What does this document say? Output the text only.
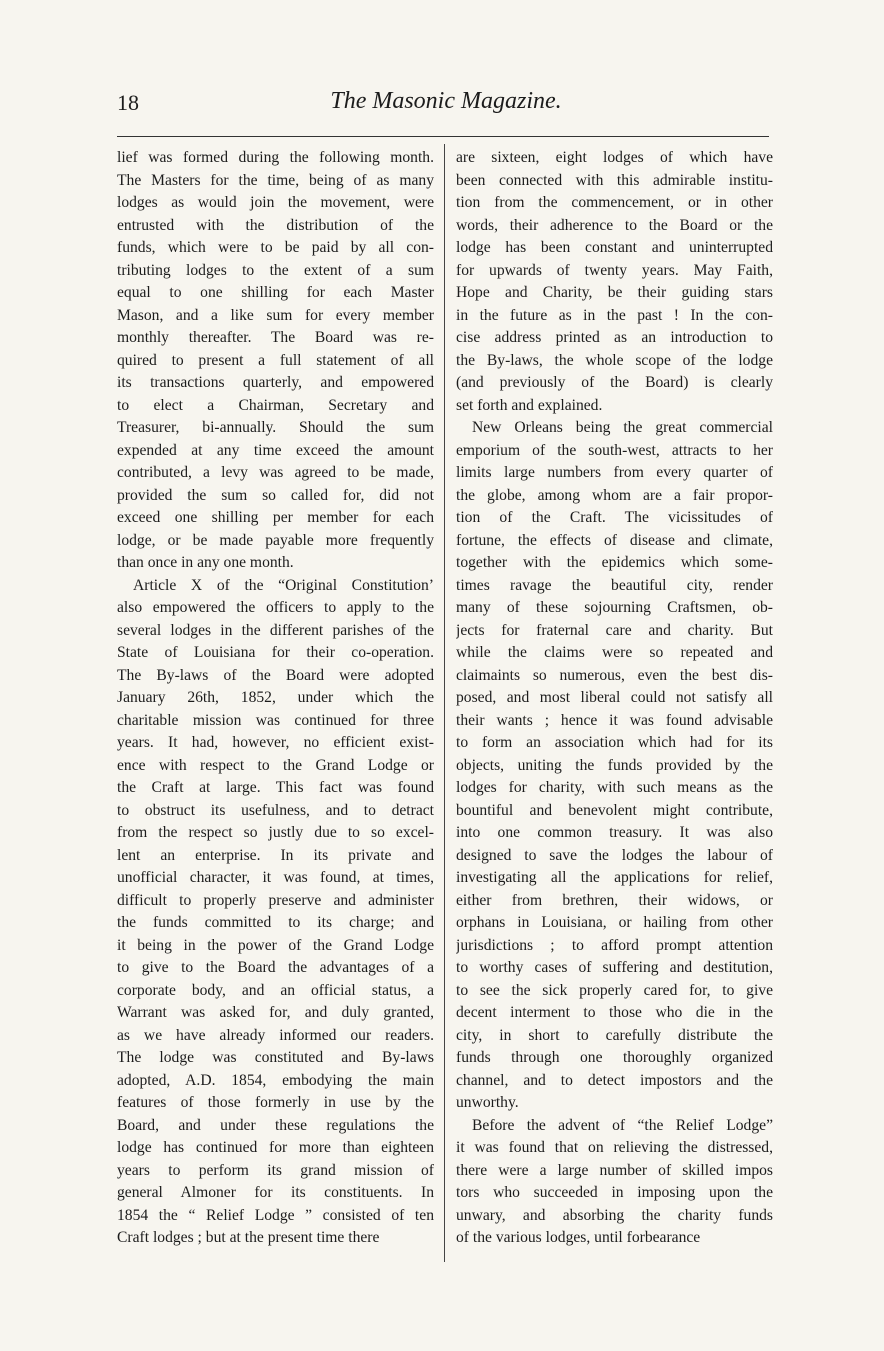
18	The Masonic Magazine.
lief was formed during the following month.
The Masters for the time, being of as many
lodges as would join the movement, were
entrusted with the distribution of the
funds, which were to be paid by all con-
tributing lodges to the extent of a sum
equal to one shilling for each Master
Mason, and a like sum for every member
monthly thereafter. The Board was re-
quired to present a full statement of all
its transactions quarterly, and empowered
to elect a Chairman, Secretary and
Treasurer, bi-annually. Should the sum
expended at any time exceed the amount
contributed, a levy was agreed to be made,
provided the sum so called for, did not
exceed one shilling per member for each
lodge, or be made payable more frequently
than once in any one month.
Article X of the “Original Constitution’
also empowered the officers to apply to the
several lodges in the different parishes of the
State of Louisiana for their co-operation.
The By-laws of the Board were adopted
January 26th, 1852, under which the
charitable mission was continued for three
years. It had, however, no efficient exist-
ence with respect to the Grand Lodge or
the Craft at large. This fact was found
to obstruct its usefulness, and to detract
from the respect so justly due to so excel-
lent an enterprise. In its private and
unofficial character, it was found, at times,
difficult to properly preserve and administer
the funds committed to its charge; and
it being in the power of the Grand Lodge
to give to the Board the advantages of a
corporate body, and an official status, a
Warrant was asked for, and duly granted,
as we have already informed our readers.
The lodge was constituted and By-laws
adopted, A.D. 1854, embodying the main
features of those formerly in use by the
Board, and under these regulations the
lodge has continued for more than eighteen
years to perform its grand mission of
general Almoner for its constituents. In
1854 the “ Relief Lodge ” consisted of ten
Craft lodges ; but at the present time there
are sixteen, eight lodges of which have
been connected with this admirable institu-
tion from the commencement, or in other
words, their adherence to the Board or the
lodge has been constant and uninterrupted
for upwards of twenty years. May Faith,
Hope and Charity, be their guiding stars
in the future as in the past ! In the con-
cise address printed as an introduction to
the By-laws, the whole scope of the lodge
(and previously of the Board) is clearly
set forth and explained.
New Orleans being the great commercial
emporium of the south-west, attracts to her
limits large numbers from every quarter of
the globe, among whom are a fair propor-
tion of the Craft. The vicissitudes of
fortune, the effects of disease and climate,
together with the epidemics which some-
times ravage the beautiful city, render
many of these sojourning Craftsmen, ob-
jects for fraternal care and charity. But
while the claims were so repeated and
claimaints so numerous, even the best dis-
posed, and most liberal could not satisfy all
their wants ; hence it was found advisable
to form an association which had for its
objects, uniting the funds provided by the
lodges for charity, with such means as the
bountiful and benevolent might contribute,
into one common treasury. It was also
designed to save the lodges the labour of
investigating all the applications for relief,
either from brethren, their widows, or
orphans in Louisiana, or hailing from other
jurisdictions ; to afford prompt attention
to worthy cases of suffering and destitution,
to see the sick properly cared for, to give
decent interment to those who die in the
city, in short to carefully distribute the
funds through one thoroughly organized
channel, and to detect impostors and the
unworthy.
Before the advent of “the Relief Lodge”
it was found that on relieving the distressed,
there were a large number of skilled impos
tors who succeeded in imposing upon the
unwary, and absorbing the charity funds
of the various lodges, until forbearance
